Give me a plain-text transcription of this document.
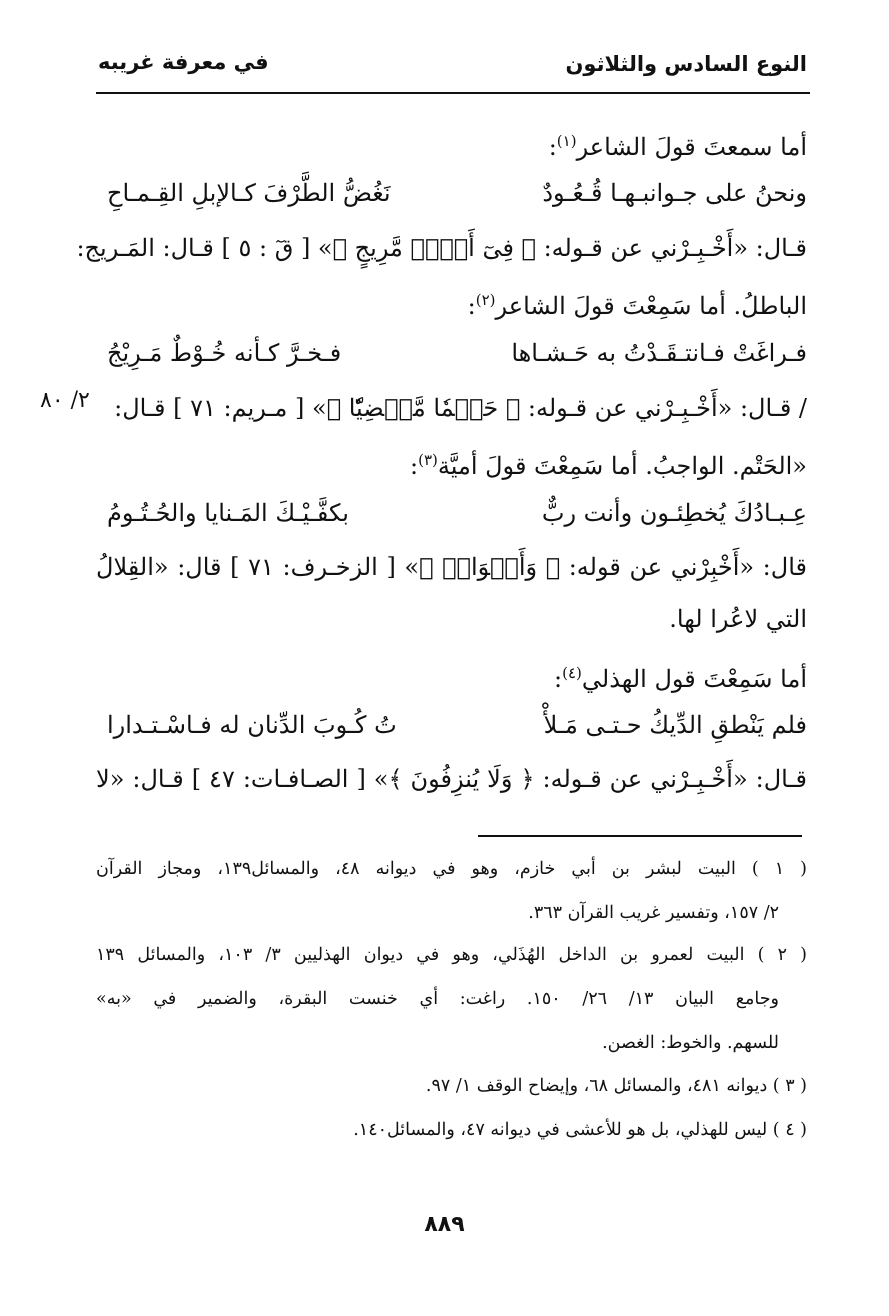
النوع السادس والثلاثون
في معرفة غريبه
أما سمعتَ قولَ الشاعر$^{(١)}$:
ونحنُ على جـوانبـهـا قُـعُـودٌ
نَغُضُّ الطَّرْفَ كـالإبلِ القِـمـاحِ
قـال: «أَخْـبِـرْني عن قـوله: ﴿ فِىٓ أَمۡرٖ مَّرِيجٍ ﴾» [ قٓ : ٥ ] قـال: المَـريج:
الباطلُ. أما سَمِعْتَ قولَ الشاعر$^{(٢)}$:
فـراغَتْ فـانتـقَـدْتُ به حَـشـاها
فـخـرَّ كـأنه خُـوْطٌ مَـرِيْجُ
/ قـال: «أَخْـبِـرْني عن قـوله: ﴿ حَتۡمٗا مَّقۡضِيّٗا ﴾» [ مـريم: ٧١ ] قـال:
٢/ ٨٠
«الحَتْم. الواجبُ. أما سَمِعْتَ قولَ أميَّة$^{(٣)}$:
عِـبـادُكَ يُخطِئـون وأنت ربٌّ
بكفَّـيْـكَ المَـنايا والحُـتُـومُ
قال: «أَخْبِرْني عن قوله: ﴿ وَأَكۡوَابٖ ﴾» [ الزخـرف: ٧١ ] قال: «القِلالُ
التي لاعُرا لها.
أما سَمِعْتَ قول الهذلي$^{(٤)}$:
فلم يَنْطقِ الدِّيكُ حـتـى مَـلأْ
تُ كُـوبَ الدِّنان له فـاسْـتـدارا
قـال: «أَخْـبِـرْني عن قـوله: ﴿ وَلَا يُنزِفُونَ ﴾» [ الصـافـات: ٤٧ ] قـال: «لا
( ١ ) البيت لبشر بن أبي خازم، وهو في ديوانه ٤٨، والمسائل١٣٩، ومجاز القرآن
٢/ ١٥٧، وتفسير غريب القرآن ٣٦٣.
( ٢ ) البيت لعمرو بن الداخل الهُذَلي، وهو في ديوان الهذليين ٣/ ١٠٣، والمسائل ١٣٩
وجامع البيان ١٣/ ٢٦/ ١٥٠. راغت: أي خنست البقرة، والضمير في «به»
للسهم. والخوط: الغصن.
( ٣ ) ديوانه ٤٨١، والمسائل ٦٨، وإيضاح الوقف ١/ ٩٧.
( ٤ ) ليس للهذلي، بل هو للأعشى في ديوانه ٤٧، والمسائل١٤٠.
٨٨٩
